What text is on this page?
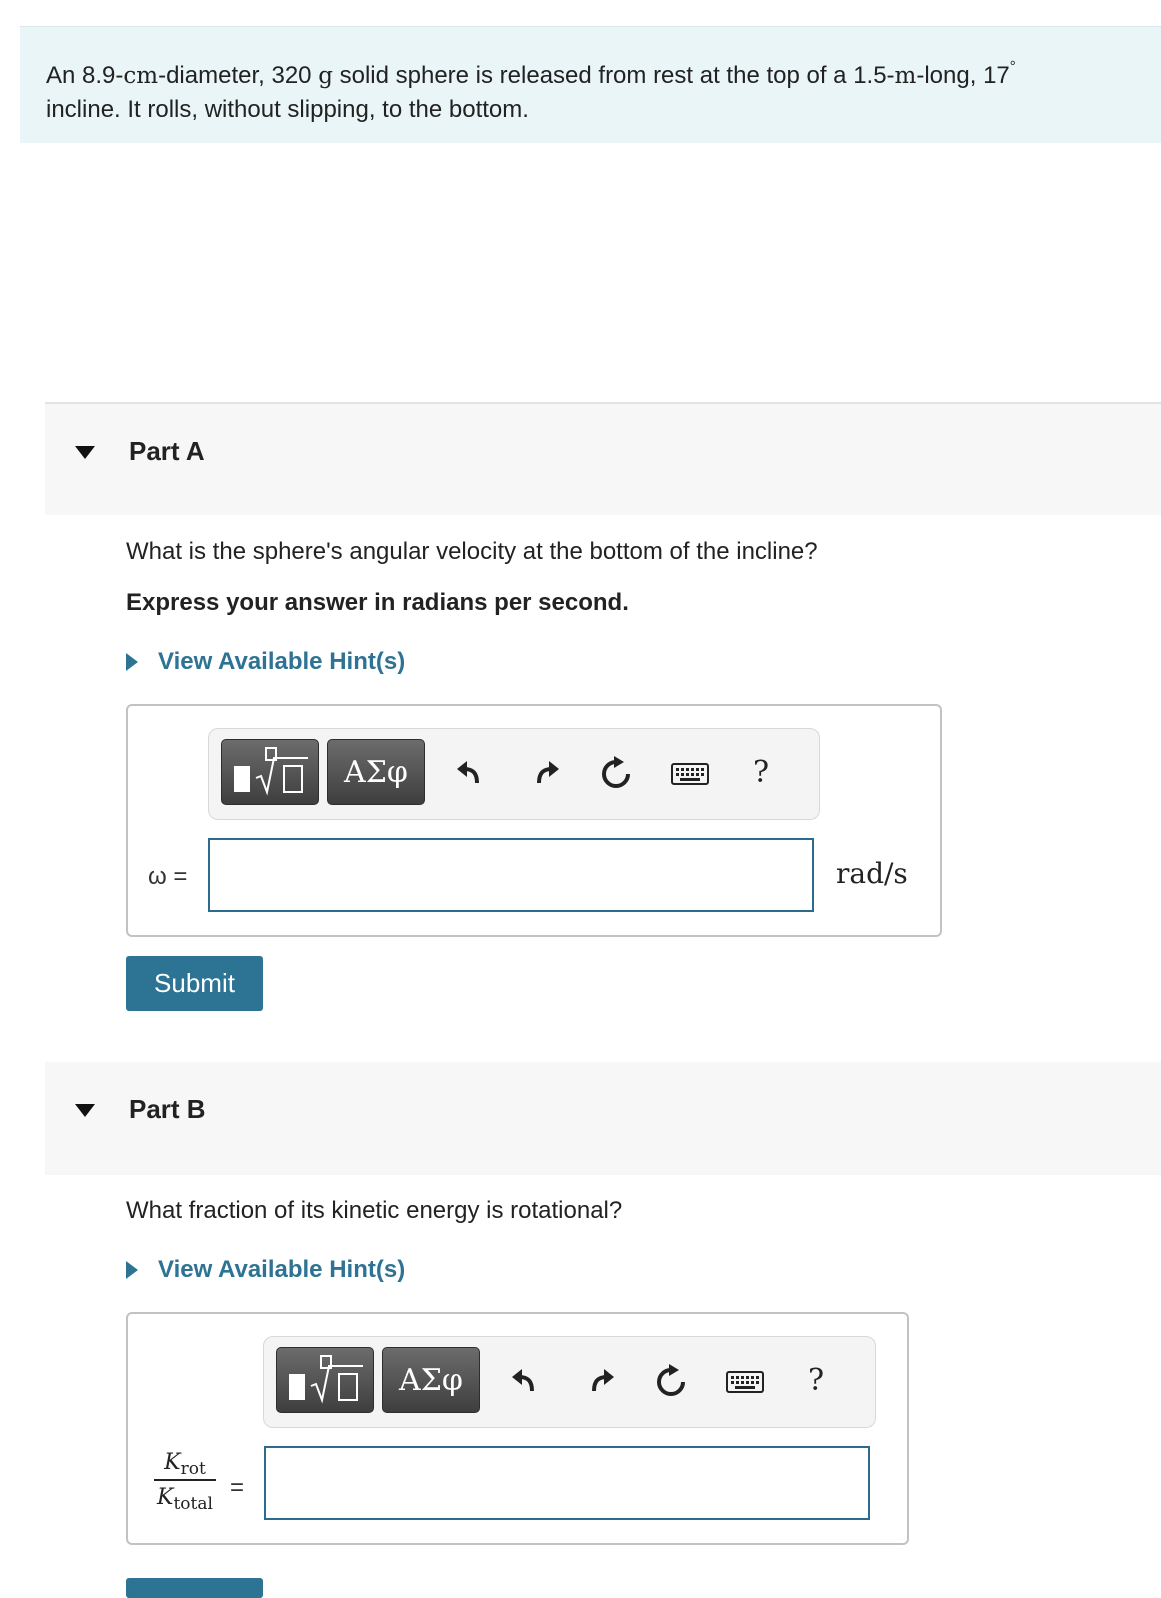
An 8.9-cm-diameter, 320 g solid sphere is released from rest at the top of a 1.5-m-long, 17°
incline. It rolls, without slipping, to the bottom.
Part A
What is the sphere's angular velocity at the bottom of the incline?
Express your answer in radians per second.
View Available Hint(s)
ΑΣφ	?
ω =	rad/s
Submit
Part B
What fraction of its kinetic energy is rotational?
View Available Hint(s)
ΑΣφ	?
$K_{rot}$
$K_{total}$
=
